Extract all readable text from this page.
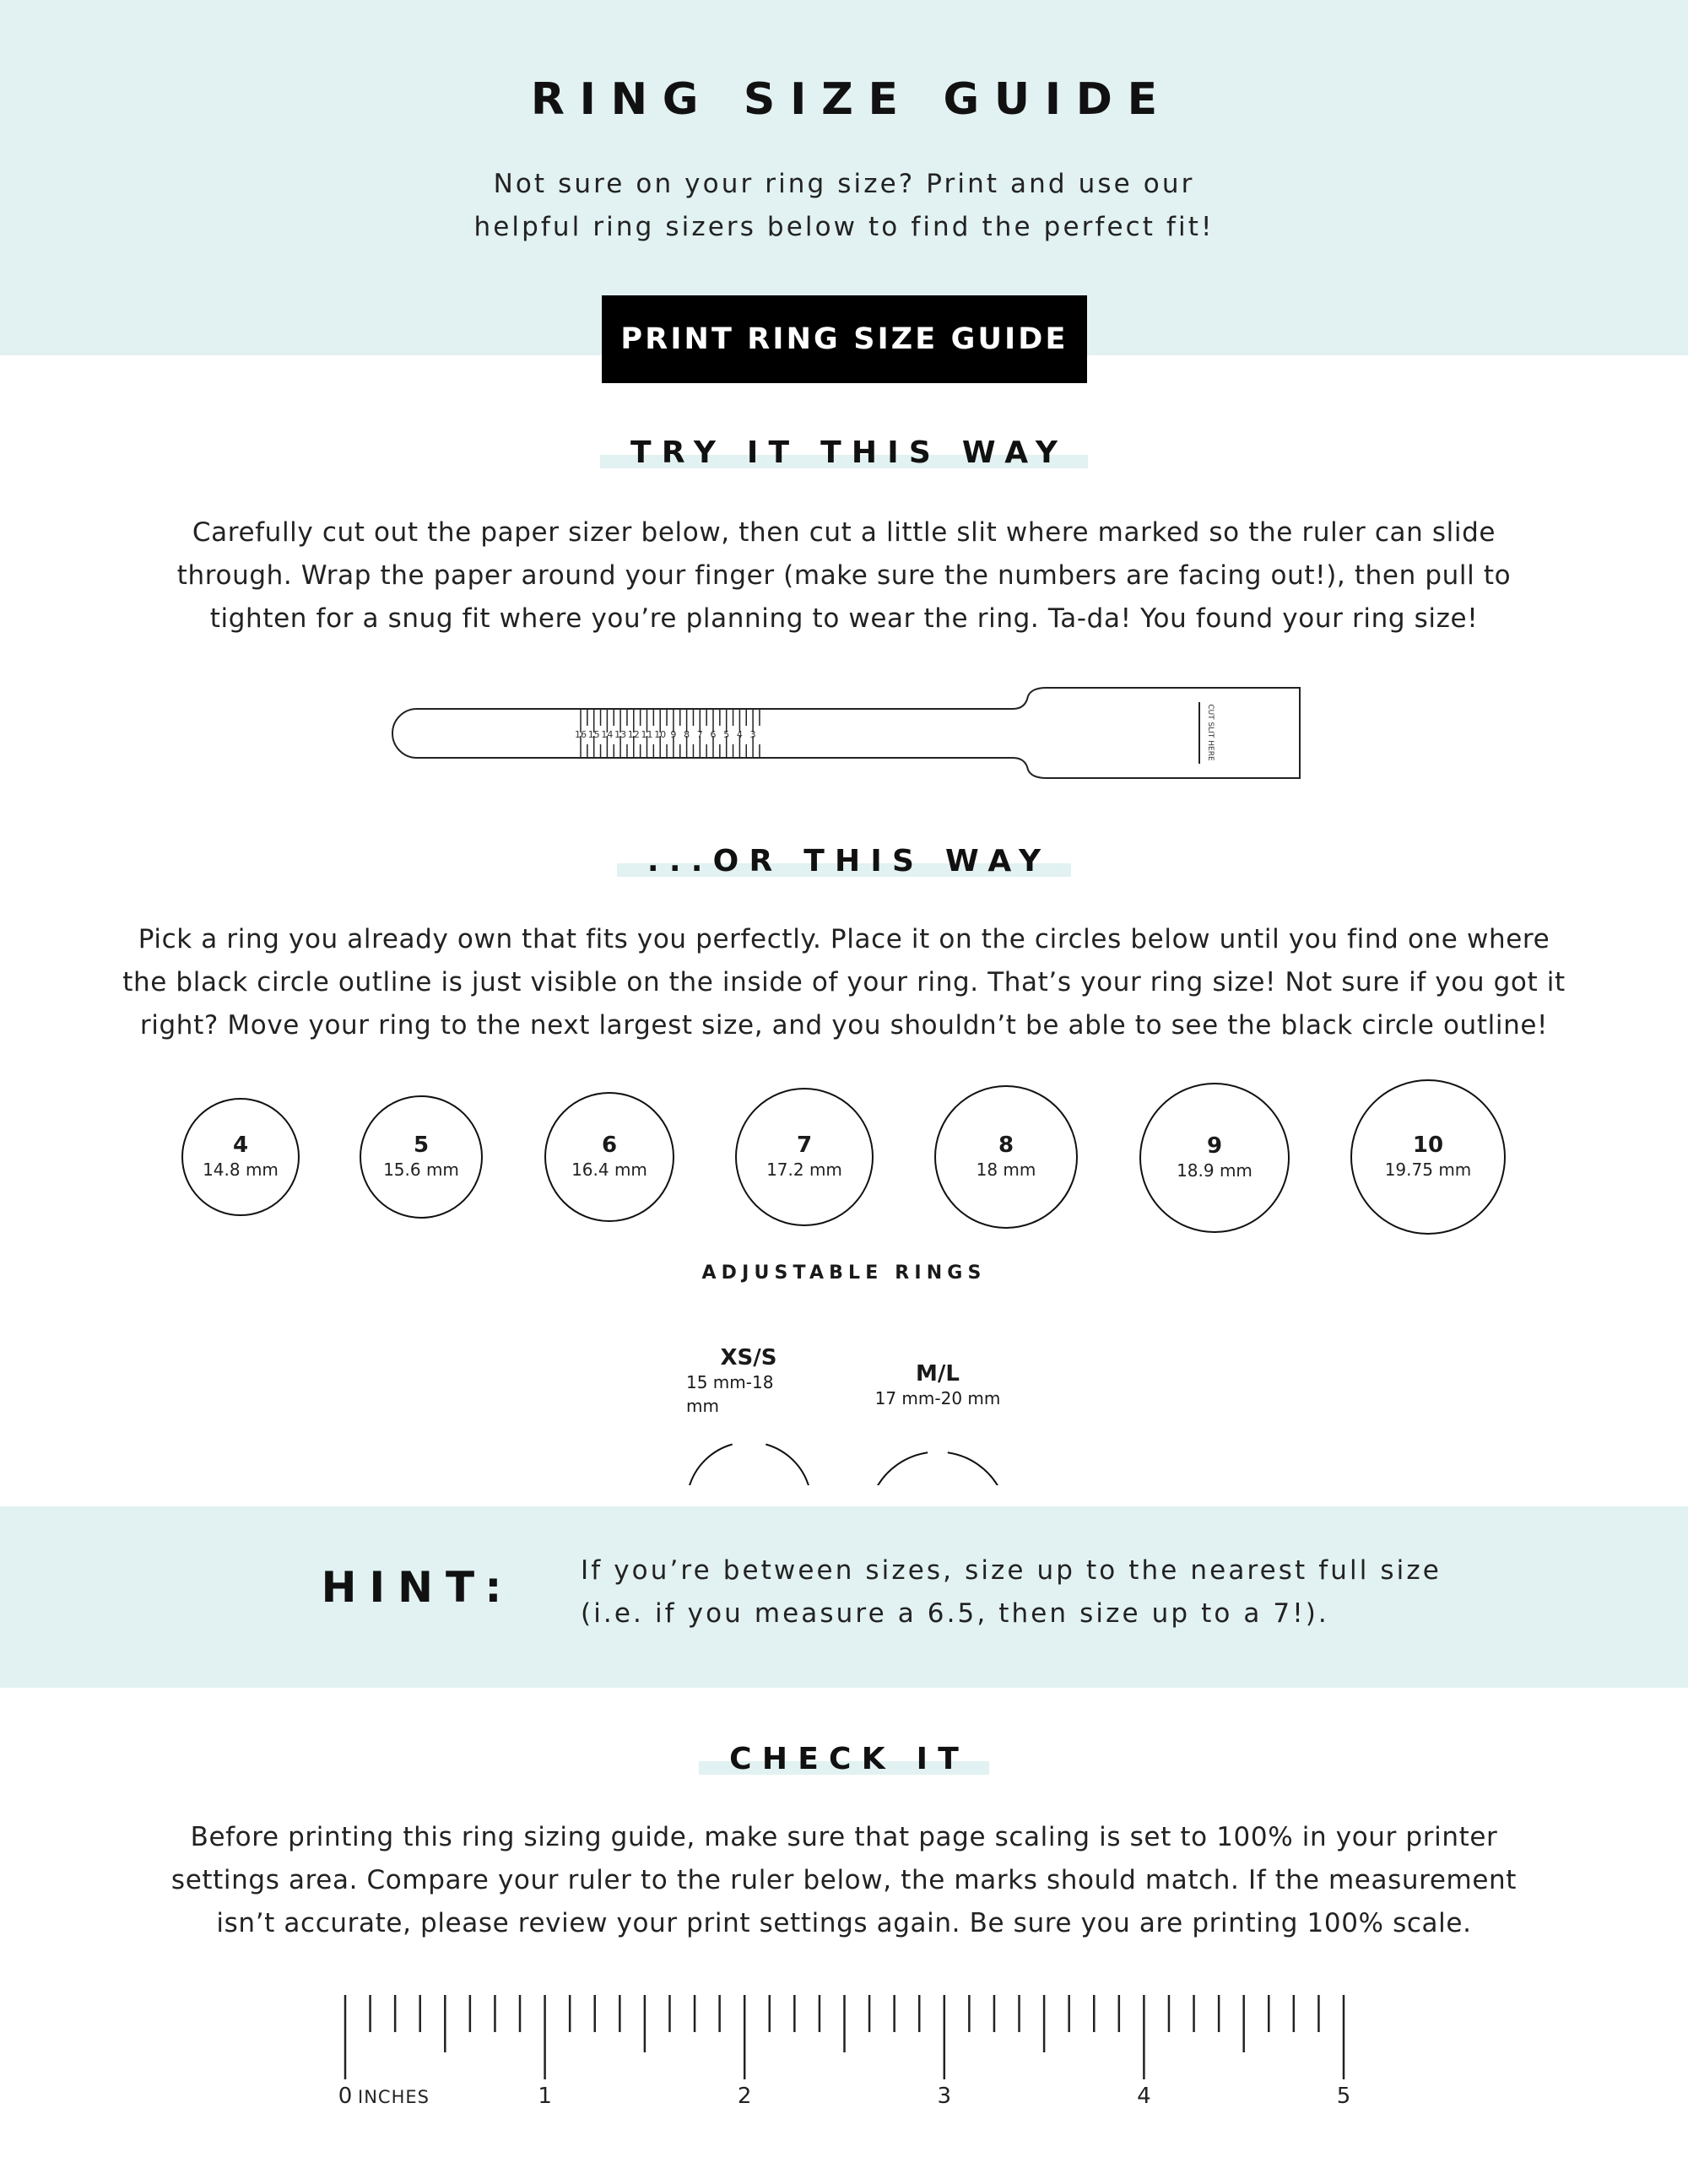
RING SIZE GUIDE
Not sure on your ring size? Print and use our
helpful ring sizers below to find the perfect fit!
PRINT RING SIZE GUIDE
TRY IT THIS WAY
Carefully cut out the paper sizer below, then cut a little slit where marked so the ruler can slide
through. Wrap the paper around your finger (make sure the numbers are facing out!), then pull to
tighten for a snug fit where you’re planning to wear the ring. Ta-da! You found your ring size!
16 15 14 13 12 11 10 9 8 7 6 5 4 3	CUT SLIT HERE
...OR THIS WAY
Pick a ring you already own that fits you perfectly. Place it on the circles below until you find one where
the black circle outline is just visible on the inside of your ring. That’s your ring size! Not sure if you got it
right? Move your ring to the next largest size, and you shouldn’t be able to see the black circle outline!
4
14.8 mm
5
15.6 mm
6
16.4 mm
7
17.2 mm
8
18 mm
9
18.9 mm
10
19.75 mm
ADJUSTABLE RINGS
XS/S
15 mm-18 mm
M/L
17 mm-20 mm
HINT:	If you’re between sizes, size up to the nearest full size
(i.e. if you measure a 6.5, then size up to a 7!).
CHECK IT
Before printing this ring sizing guide, make sure that page scaling is set to 100% in your printer
settings area. Compare your ruler to the ruler below, the marks should match. If the measurement
isn’t accurate, please review your print settings again. Be sure you are printing 100% scale.
0	1	2	3	4	5
INCHES
